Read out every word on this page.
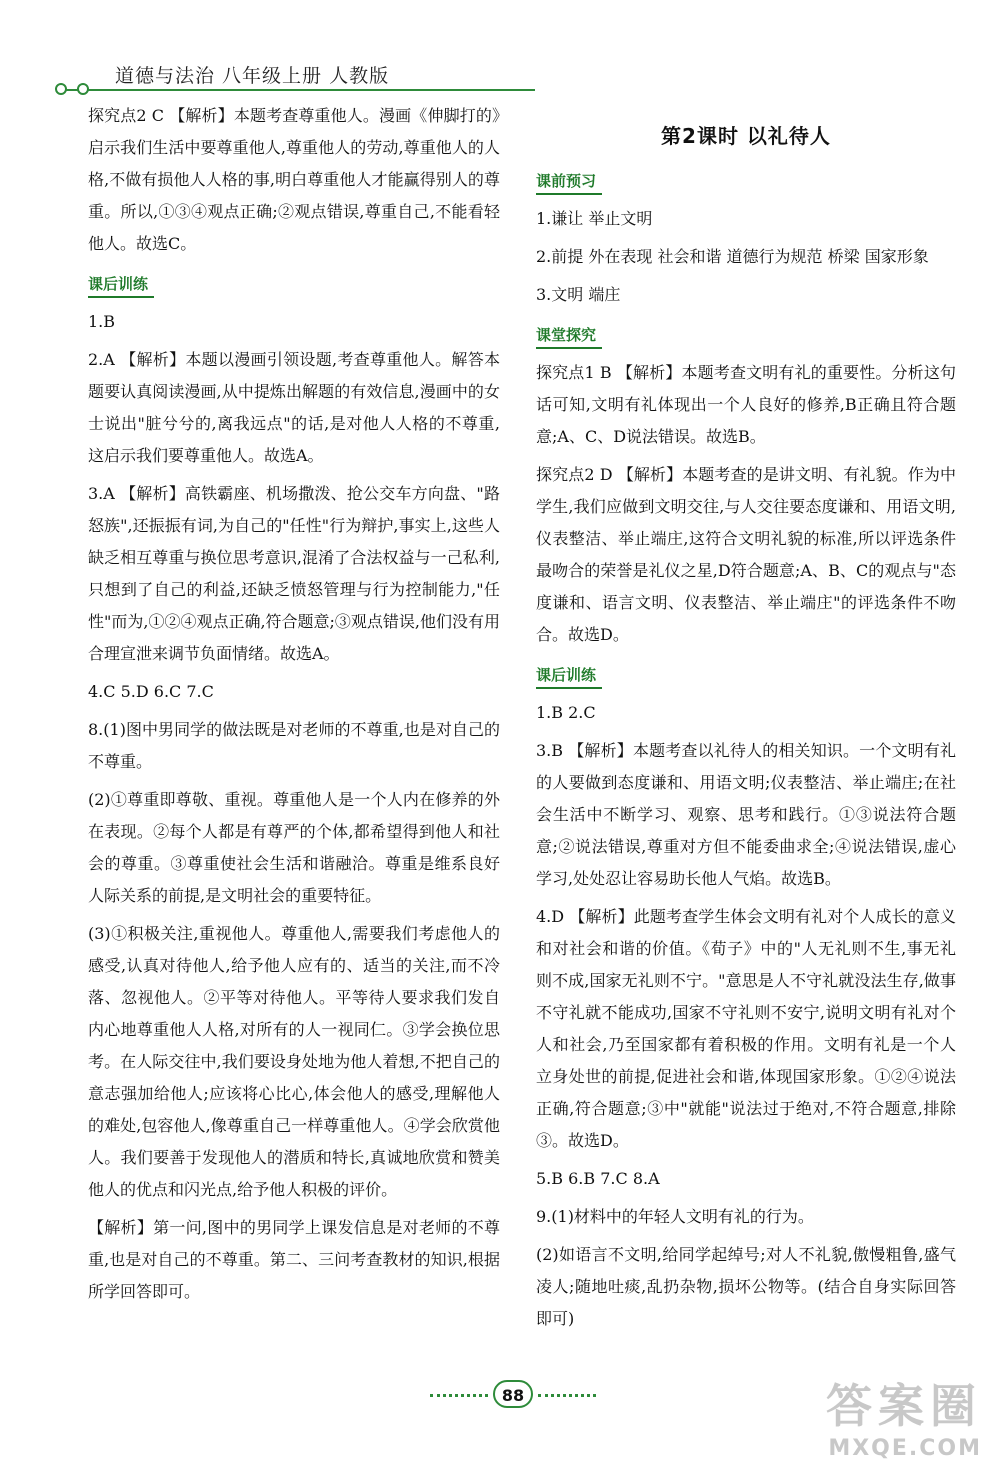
道德与法治 八年级上册 人教版

探究点2 C 【解析】本题考查尊重他人。漫画《伸脚打的》启示我们生活中要尊重他人,尊重他人的劳动,尊重他人的人格,不做有损他人人格的事,明白尊重他人才能赢得别人的尊重。所以,①③④观点正确;②观点错误,尊重自己,不能看轻他人。故选C。

课后训练

1.B

2.A 【解析】本题以漫画引领设题,考查尊重他人。解答本题要认真阅读漫画,从中提炼出解题的有效信息,漫画中的女士说出"脏兮兮的,离我远点"的话,是对他人人格的不尊重,这启示我们要尊重他人。故选A。

3.A 【解析】高铁霸座、机场撒泼、抢公交车方向盘、"路怒族",还振振有词,为自己的"任性"行为辩护,事实上,这些人缺乏相互尊重与换位思考意识,混淆了合法权益与一己私利,只想到了自己的利益,还缺乏愤怒管理与行为控制能力,"任性"而为,①②④观点正确,符合题意;③观点错误,他们没有用合理宣泄来调节负面情绪。故选A。

4.C 5.D 6.C 7.C

8.(1)图中男同学的做法既是对老师的不尊重,也是对自己的不尊重。

(2)①尊重即尊敬、重视。尊重他人是一个人内在修养的外在表现。②每个人都是有尊严的个体,都希望得到他人和社会的尊重。③尊重使社会生活和谐融洽。尊重是维系良好人际关系的前提,是文明社会的重要特征。

(3)①积极关注,重视他人。尊重他人,需要我们考虑他人的感受,认真对待他人,给予他人应有的、适当的关注,而不冷落、忽视他人。②平等对待他人。平等待人要求我们发自内心地尊重他人人格,对所有的人一视同仁。③学会换位思考。在人际交往中,我们要设身处地为他人着想,不把自己的意志强加给他人;应该将心比心,体会他人的感受,理解他人的难处,包容他人,像尊重自己一样尊重他人。④学会欣赏他人。我们要善于发现他人的潜质和特长,真诚地欣赏和赞美他人的优点和闪光点,给予他人积极的评价。

【解析】第一问,图中的男同学上课发信息是对老师的不尊重,也是对自己的不尊重。第二、三问考查教材的知识,根据所学回答即可。

第2课时 以礼待人
课前预习

1.谦让 举止文明

2.前提 外在表现 社会和谐 道德行为规范 桥梁 国家形象

3.文明 端庄

课堂探究

探究点1 B 【解析】本题考查文明有礼的重要性。分析这句话可知,文明有礼体现出一个人良好的修养,B正确且符合题意;A、C、D说法错误。故选B。

探究点2 D 【解析】本题考查的是讲文明、有礼貌。作为中学生,我们应做到文明交往,与人交往要态度谦和、用语文明,仪表整洁、举止端庄,这符合文明礼貌的标准,所以评选条件最吻合的荣誉是礼仪之星,D符合题意;A、B、C的观点与"态度谦和、语言文明、仪表整洁、举止端庄"的评选条件不吻合。故选D。

课后训练

1.B 2.C

3.B 【解析】本题考查以礼待人的相关知识。一个文明有礼的人要做到态度谦和、用语文明;仪表整洁、举止端庄;在社会生活中不断学习、观察、思考和践行。①③说法符合题意;②说法错误,尊重对方但不能委曲求全;④说法错误,虚心学习,处处忍让容易助长他人气焰。故选B。

4.D 【解析】此题考查学生体会文明有礼对个人成长的意义和对社会和谐的价值。《荀子》中的"人无礼则不生,事无礼则不成,国家无礼则不宁。"意思是人不守礼就没法生存,做事不守礼就不能成功,国家不守礼则不安宁,说明文明有礼对个人和社会,乃至国家都有着积极的作用。文明有礼是一个人立身处世的前提,促进社会和谐,体现国家形象。①②④说法正确,符合题意;③中"就能"说法过于绝对,不符合题意,排除③。故选D。

5.B 6.B 7.C 8.A

9.(1)材料中的年轻人文明有礼的行为。

(2)如语言不文明,给同学起绰号;对人不礼貌,傲慢粗鲁,盛气凌人;随地吐痰,乱扔杂物,损坏公物等。(结合自身实际回答即可)

88	答案圈
MXQE.COM
